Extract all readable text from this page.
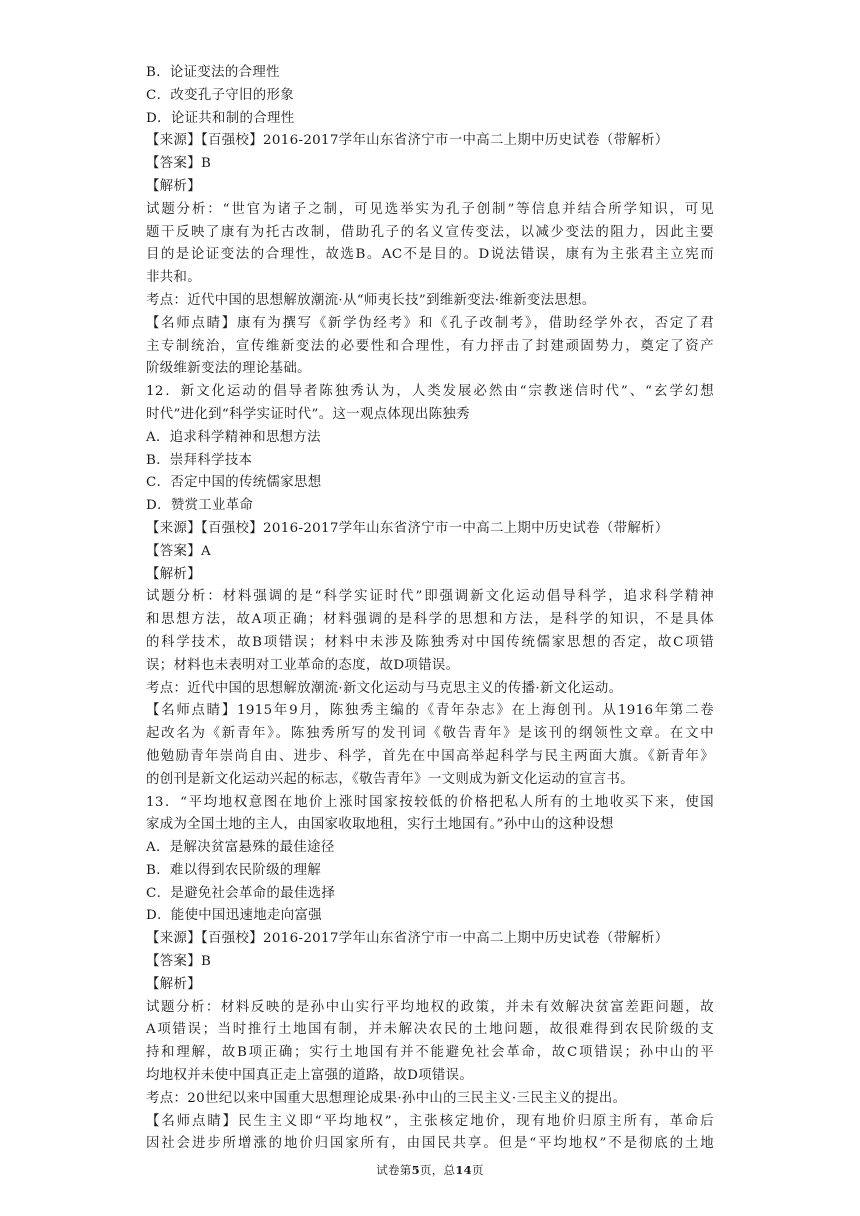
B．论证变法的合理性
C．改变孔子守旧的形象
D．论证共和制的合理性
【来源】【百强校】2016-2017学年山东省济宁市一中高二上期中历史试卷（带解析）
【答案】B
【解析】
试题分析：“世官为诸子之制，可见选举实为孔子创制”等信息并结合所学知识，可见
题干反映了康有为托古改制，借助孔子的名义宣传变法，以减少变法的阻力，因此主要
目的是论证变法的合理性，故选B。AC不是目的。D说法错误，康有为主张君主立宪而
非共和。
考点：近代中国的思想解放潮流·从“师夷长技”到维新变法·维新变法思想。
【名师点睛】康有为撰写《新学伪经考》和《孔子改制考》，借助经学外衣，否定了君
主专制统治，宣传维新变法的必要性和合理性，有力抨击了封建顽固势力，奠定了资产
阶级维新变法的理论基础。
12．新文化运动的倡导者陈独秀认为，人类发展必然由“宗教迷信时代”、“玄学幻想
时代”进化到“科学实证时代”。这一观点体现出陈独秀
A．追求科学精神和思想方法
B．崇拜科学技本
C．否定中国的传统儒家思想
D．赞赏工业革命
【来源】【百强校】2016-2017学年山东省济宁市一中高二上期中历史试卷（带解析）
【答案】A
【解析】
试题分析：材料强调的是“科学实证时代”即强调新文化运动倡导科学，追求科学精神
和思想方法，故A项正确；材料强调的是科学的思想和方法，是科学的知识，不是具体
的科学技术，故B项错误；材料中未涉及陈独秀对中国传统儒家思想的否定，故C项错
误；材料也未表明对工业革命的态度，故D项错误。
考点：近代中国的思想解放潮流·新文化运动与马克思主义的传播·新文化运动。
【名师点睛】1915年9月，陈独秀主编的《青年杂志》在上海创刊。从1916年第二卷
起改名为《新青年》。陈独秀所写的发刊词《敬告青年》是该刊的纲领性文章。在文中
他勉励青年崇尚自由、进步、科学，首先在中国高举起科学与民主两面大旗。《新青年》
的创刊是新文化运动兴起的标志，《敬告青年》一文则成为新文化运动的宣言书。
13．“平均地权意图在地价上涨时国家按较低的价格把私人所有的土地收买下来，使国
家成为全国土地的主人，由国家收取地租，实行土地国有。”孙中山的这种设想
A．是解决贫富悬殊的最佳途径
B．难以得到农民阶级的理解
C．是避免社会革命的最佳选择
D．能使中国迅速地走向富强
【来源】【百强校】2016-2017学年山东省济宁市一中高二上期中历史试卷（带解析）
【答案】B
【解析】
试题分析：材料反映的是孙中山实行平均地权的政策，并未有效解决贫富差距问题，故
A项错误；当时推行土地国有制，并未解决农民的土地问题，故很难得到农民阶级的支
持和理解，故B项正确；实行土地国有并不能避免社会革命，故C项错误；孙中山的平
均地权并未使中国真正走上富强的道路，故D项错误。
考点：20世纪以来中国重大思想理论成果·孙中山的三民主义·三民主义的提出。
【名师点睛】民生主义即“平均地权”，主张核定地价，现有地价归原主所有，革命后
因社会进步所增涨的地价归国家所有，由国民共享。但是“平均地权”不是彻底的土地
试卷第5页，总14页
